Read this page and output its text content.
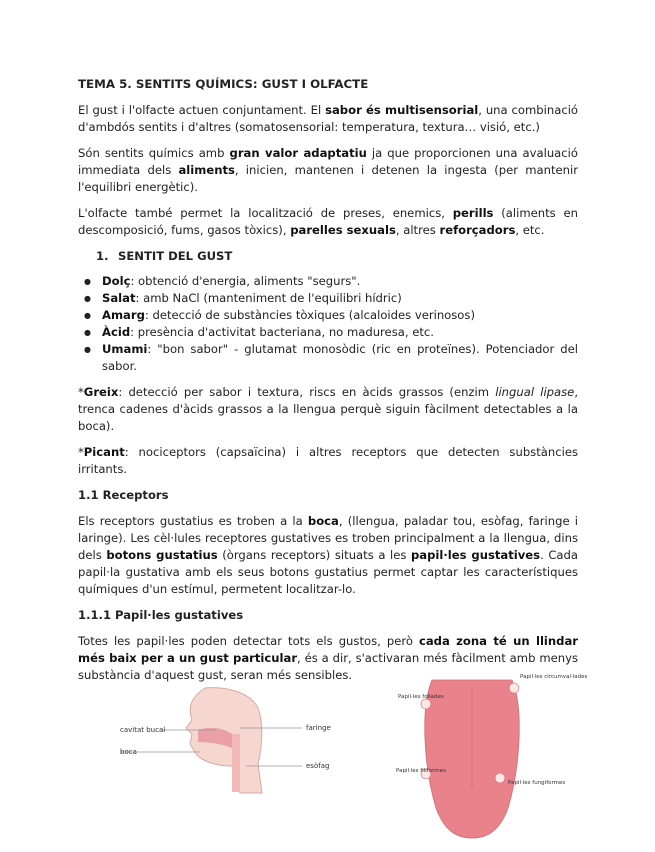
TEMA 5. SENTITS QUÍMICS: GUST I OLFACTE

El gust i l'olfacte actuen conjuntament. El sabor és multisensorial, una combinació d'ambdós sentits i d'altres (somatosensorial: temperatura, textura… visió, etc.)

Són sentits químics amb gran valor adaptatiu ja que proporcionen una avaluació immediata dels aliments, inicien, mantenen i detenen la ingesta (per mantenir l'equilibri energètic).

L'olfacte també permet la localització de preses, enemics, perills (aliments en descomposició, fums, gasos tòxics), parelles sexuals, altres reforçadors, etc.

1. SENTIT DEL GUST
● Dolç: obtenció d'energia, aliments "segurs".
● Salat: amb NaCl (manteniment de l'equilibri hídric)
● Amarg: detecció de substàncies tòxiques (alcaloides verinosos)
● Àcid: presència d'activitat bacteriana, no maduresa, etc.
● Umami: "bon sabor" - glutamat monosòdic (ric en proteïnes). Potenciador del sabor.

*Greix: detecció per sabor i textura, riscs en àcids grassos (enzim lingual lipase, trenca cadenes d'àcids grassos a la llengua perquè siguin fàcilment detectables a la boca).

*Picant: nociceptors (capsaïcina) i altres receptors que detecten substàncies irritants.

1.1 Receptors

Els receptors gustatius es troben a la boca, (llengua, paladar tou, esòfag, faringe i laringe). Les cèl·lules receptores gustatives es troben principalment a la llengua, dins dels botons gustatius (òrgans receptors) situats a les papil·les gustatives. Cada papil·la gustativa amb els seus botons gustatius permet captar les característiques químiques d'un estímul, permetent localitzar-lo.

1.1.1 Papil·les gustatives

Totes les papil·les poden detectar tots els gustos, però cada zona té un llindar més baix per a un gust particular, és a dir, s'activaran més fàcilment amb menys substància d'aquest gust, seran més sensibles.

cavitat bucal
boca
faringe
esòfag
Papil·les circumval·lades
Papil·les foliades
Papil·les filiformes
Papil·les fungiformes
